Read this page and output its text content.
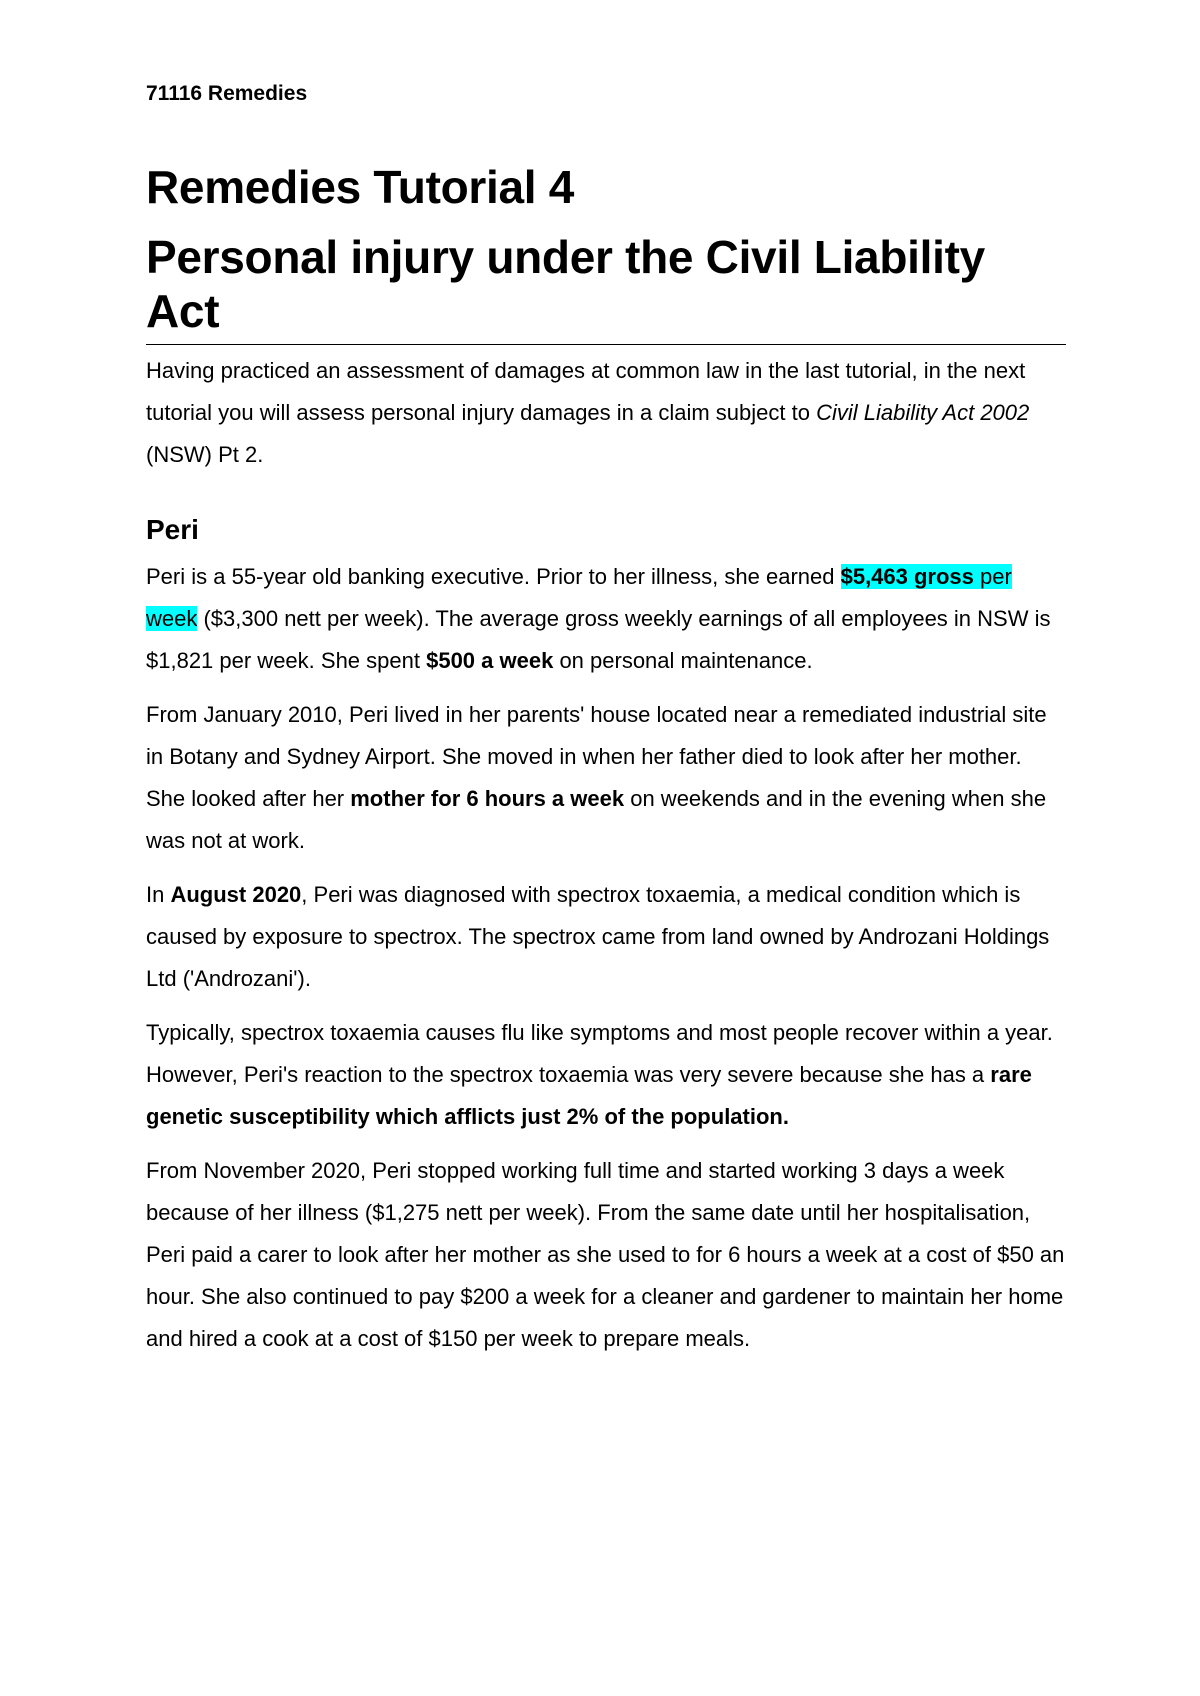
71116 Remedies

Remedies Tutorial 4
Personal injury under the Civil Liability Act

Having practiced an assessment of damages at common law in the last tutorial, in the next tutorial you will assess personal injury damages in a claim subject to Civil Liability Act 2002 (NSW) Pt 2.

Peri

Peri is a 55-year old banking executive. Prior to her illness, she earned $5,463 gross per week ($3,300 nett per week). The average gross weekly earnings of all employees in NSW is $1,821 per week. She spent $500 a week on personal maintenance.

From January 2010, Peri lived in her parents' house located near a remediated industrial site in Botany and Sydney Airport. She moved in when her father died to look after her mother. She looked after her mother for 6 hours a week on weekends and in the evening when she was not at work.

In August 2020, Peri was diagnosed with spectrox toxaemia, a medical condition which is caused by exposure to spectrox. The spectrox came from land owned by Androzani Holdings Ltd ('Androzani').

Typically, spectrox toxaemia causes flu like symptoms and most people recover within a year. However, Peri's reaction to the spectrox toxaemia was very severe because she has a rare genetic susceptibility which afflicts just 2% of the population.

From November 2020, Peri stopped working full time and started working 3 days a week because of her illness ($1,275 nett per week). From the same date until her hospitalisation, Peri paid a carer to look after her mother as she used to for 6 hours a week at a cost of $50 an hour. She also continued to pay $200 a week for a cleaner and gardener to maintain her home and hired a cook at a cost of $150 per week to prepare meals.
